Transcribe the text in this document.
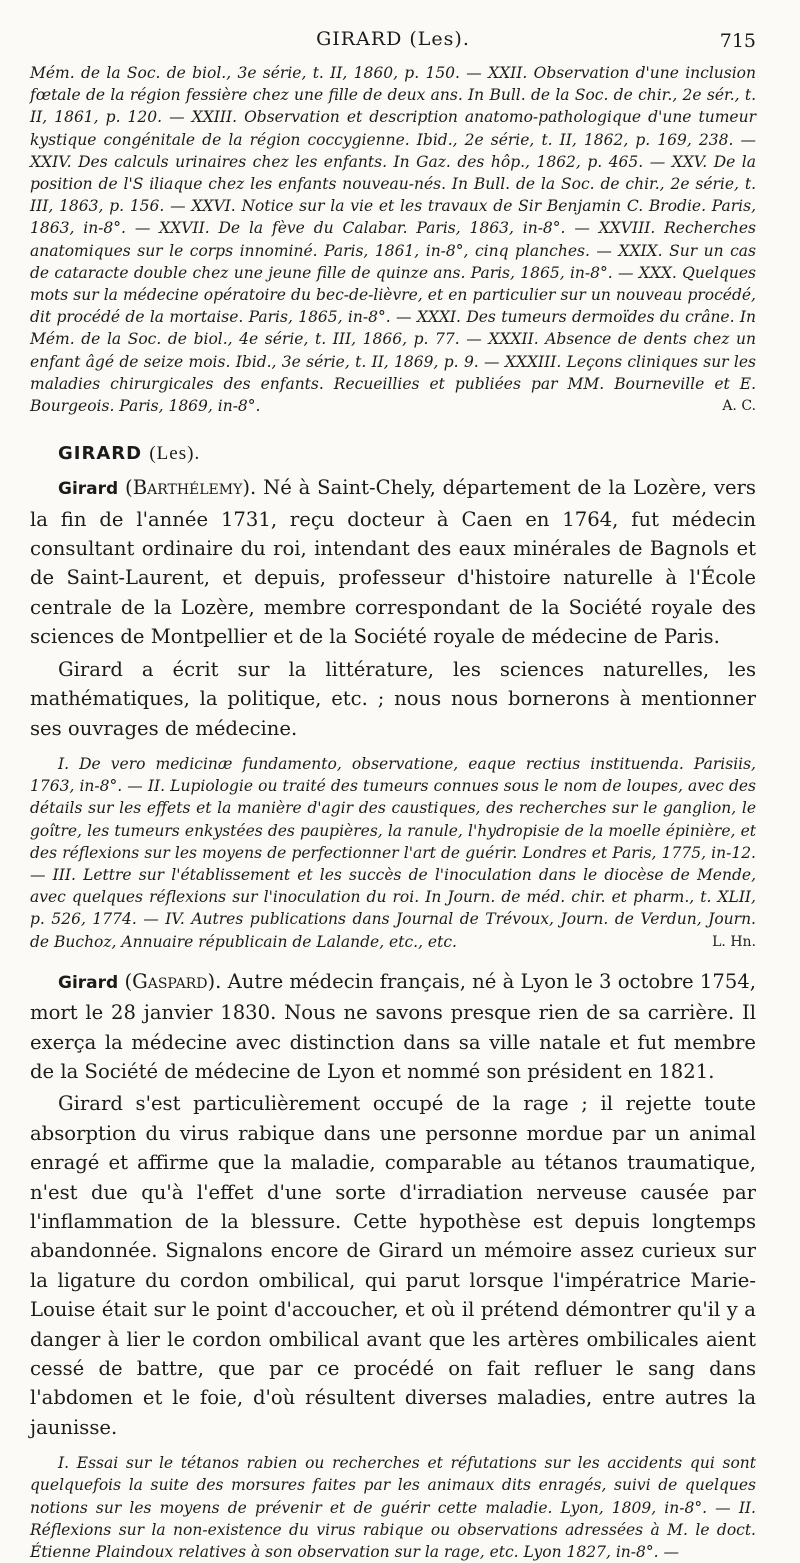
GIRARD (Les).	715

Mém. de la Soc. de biol., 3e série, t. II, 1860, p. 150. — XXII. Observation d'une inclusion fœtale de la région fessière chez une fille de deux ans. In Bull. de la Soc. de chir., 2e sér., t. II, 1861, p. 120. — XXIII. Observation et description anatomo-pathologique d'une tumeur kystique congénitale de la région coccygienne. Ibid., 2e série, t. II, 1862, p. 169, 238. — XXIV. Des calculs urinaires chez les enfants. In Gaz. des hôp., 1862, p. 465. — XXV. De la position de l'S iliaque chez les enfants nouveau-nés. In Bull. de la Soc. de chir., 2e série, t. III, 1863, p. 156. — XXVI. Notice sur la vie et les travaux de Sir Benjamin C. Brodie. Paris, 1863, in-8°. — XXVII. De la fève du Calabar. Paris, 1863, in-8°. — XXVIII. Recherches anatomiques sur le corps innominé. Paris, 1861, in-8°, cinq planches. — XXIX. Sur un cas de cataracte double chez une jeune fille de quinze ans. Paris, 1865, in-8°. — XXX. Quelques mots sur la médecine opératoire du bec-de-lièvre, et en particulier sur un nouveau procédé, dit procédé de la mortaise. Paris, 1865, in-8°. — XXXI. Des tumeurs dermoïdes du crâne. In Mém. de la Soc. de biol., 4e série, t. III, 1866, p. 77. — XXXII. Absence de dents chez un enfant âgé de seize mois. Ibid., 3e série, t. II, 1869, p. 9. — XXXIII. Leçons cliniques sur les maladies chirurgicales des enfants. Recueillies et publiées par MM. Bourneville et E. Bourgeois. Paris, 1869, in-8°.	A. C.

GIRARD (Les).

Girard (Barthélemy). Né à Saint-Chely, département de la Lozère, vers la fin de l'année 1731, reçu docteur à Caen en 1764, fut médecin consultant ordinaire du roi, intendant des eaux minérales de Bagnols et de Saint-Laurent, et depuis, professeur d'histoire naturelle à l'École centrale de la Lozère, membre correspondant de la Société royale des sciences de Montpellier et de la Société royale de médecine de Paris.

Girard a écrit sur la littérature, les sciences naturelles, les mathématiques, la politique, etc. ; nous nous bornerons à mentionner ses ouvrages de médecine.

I. De vero medicinæ fundamento, observatione, eaque rectius instituenda. Parisiis, 1763, in-8°. — II. Lupiologie ou traité des tumeurs connues sous le nom de loupes, avec des détails sur les effets et la manière d'agir des caustiques, des recherches sur le ganglion, le goître, les tumeurs enkystées des paupières, la ranule, l'hydropisie de la moelle épinière, et des réflexions sur les moyens de perfectionner l'art de guérir. Londres et Paris, 1775, in-12. — III. Lettre sur l'établissement et les succès de l'inoculation dans le diocèse de Mende, avec quelques réflexions sur l'inoculation du roi. In Journ. de méd. chir. et pharm., t. XLII, p. 526, 1774. — IV. Autres publications dans Journal de Trévoux, Journ. de Verdun, Journ. de Buchoz, Annuaire républicain de Lalande, etc., etc.	L. Hn.

Girard (Gaspard). Autre médecin français, né à Lyon le 3 octobre 1754, mort le 28 janvier 1830. Nous ne savons presque rien de sa carrière. Il exerça la médecine avec distinction dans sa ville natale et fut membre de la Société de médecine de Lyon et nommé son président en 1821.

Girard s'est particulièrement occupé de la rage ; il rejette toute absorption du virus rabique dans une personne mordue par un animal enragé et affirme que la maladie, comparable au tétanos traumatique, n'est due qu'à l'effet d'une sorte d'irradiation nerveuse causée par l'inflammation de la blessure. Cette hypothèse est depuis longtemps abandonnée. Signalons encore de Girard un mémoire assez curieux sur la ligature du cordon ombilical, qui parut lorsque l'impératrice Marie-Louise était sur le point d'accoucher, et où il prétend démontrer qu'il y a danger à lier le cordon ombilical avant que les artères ombilicales aient cessé de battre, que par ce procédé on fait refluer le sang dans l'abdomen et le foie, d'où résultent diverses maladies, entre autres la jaunisse.

I. Essai sur le tétanos rabien ou recherches et réfutations sur les accidents qui sont quelquefois la suite des morsures faites par les animaux dits enragés, suivi de quelques notions sur les moyens de prévenir et de guérir cette maladie. Lyon, 1809, in-8°. — II. Réflexions sur la non-existence du virus rabique ou observations adressées à M. le doct. Étienne Plaindoux relatives à son observation sur la rage, etc. Lyon 1827, in-8°. —
